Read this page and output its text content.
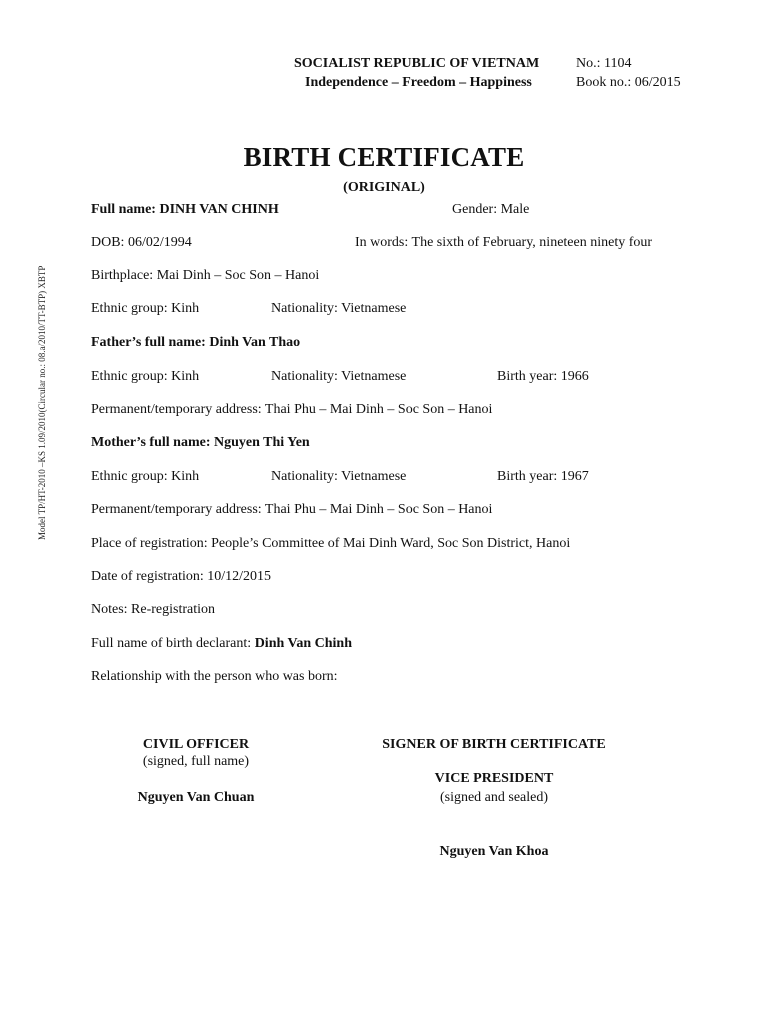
SOCIALIST REPUBLIC OF VIETNAM
Independence – Freedom – Happiness
No.: 1104
Book no.: 06/2015
BIRTH CERTIFICATE
(ORIGINAL)
Model TP/HT-2010 –KS 1.09/2010(Circular no.: 08.a/2010/TT-BTP) XBTP
Full name: DINH VAN CHINH	Gender: Male
DOB: 06/02/1994	In words: The sixth of February, nineteen ninety four
Birthplace: Mai Dinh – Soc Son – Hanoi
Ethnic group: Kinh	Nationality: Vietnamese
Father’s full name: Dinh Van Thao
Ethnic group: Kinh	Nationality: Vietnamese	Birth year: 1966
Permanent/temporary address: Thai Phu – Mai Dinh – Soc Son – Hanoi
Mother’s full name: Nguyen Thi Yen
Ethnic group: Kinh	Nationality: Vietnamese	Birth year: 1967
Permanent/temporary address: Thai Phu – Mai Dinh – Soc Son – Hanoi
Place of registration: People’s Committee of Mai Dinh Ward, Soc Son District, Hanoi
Date of registration: 10/12/2015
Notes: Re-registration
Full name of birth declarant: Dinh Van Chinh
Relationship with the person who was born:
CIVIL OFFICER
(signed, full name)
Nguyen Van Chuan
SIGNER OF BIRTH CERTIFICATE
VICE PRESIDENT
(signed and sealed)
Nguyen Van Khoa
